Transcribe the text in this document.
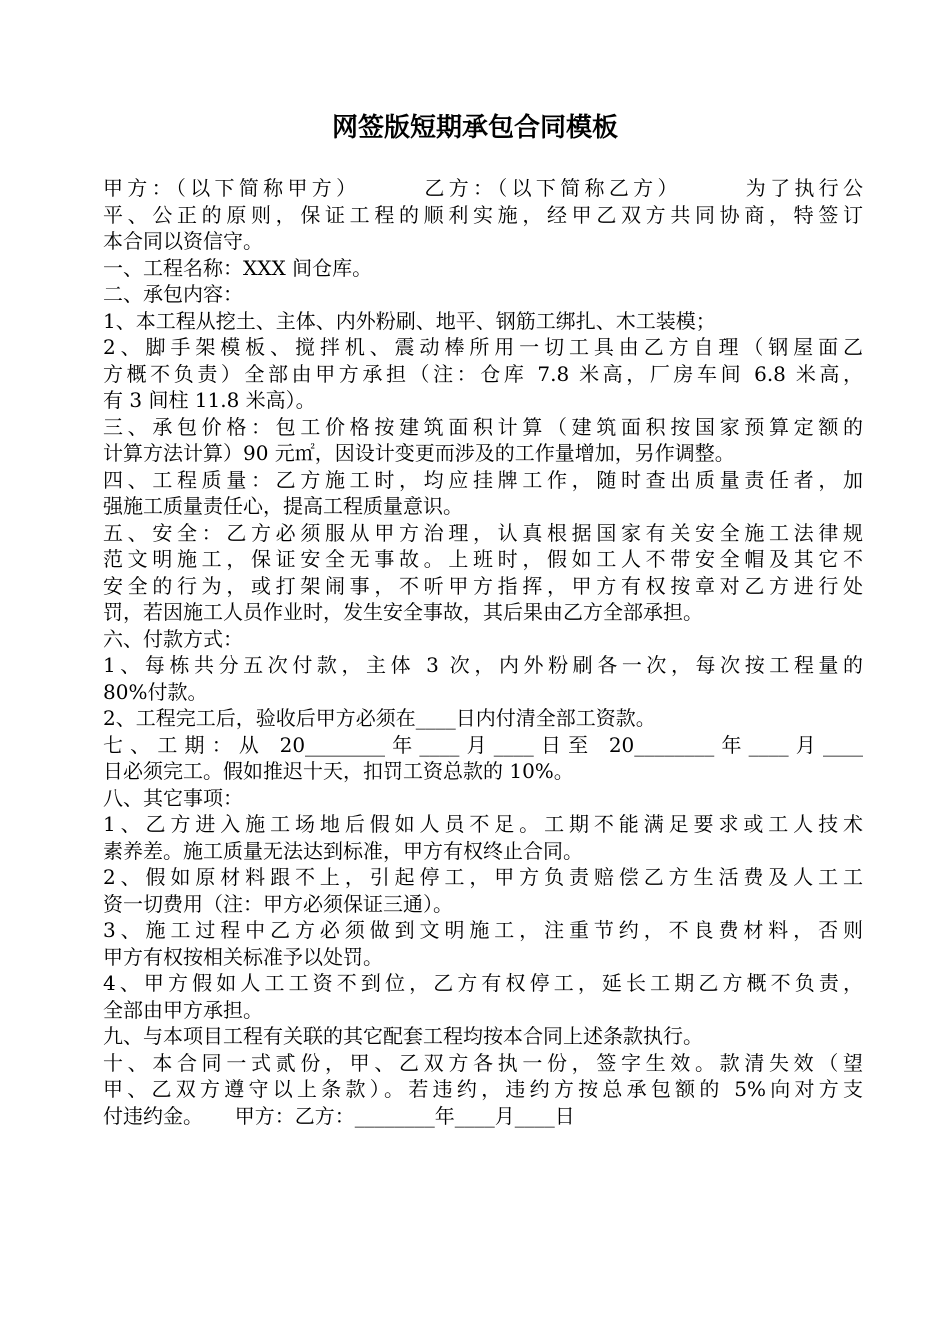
网签版短期承包合同模板
甲方：（以下简称甲方）      乙方：（以下简称乙方）      为了执行公
平、公正的原则，保证工程的顺利实施，经甲乙双方共同协商，特签订
本合同以资信守。
一、工程名称：XXX 间仓库。
二、承包内容：
1、本工程从挖土、主体、内外粉刷、地平、钢筋工绑扎、木工装模；
2、脚手架模板、搅拌机、震动棒所用一切工具由乙方自理（钢屋面乙
方概不负责）全部由甲方承担（注：仓库 7.8 米高，厂房车间 6.8 米高，
有 3 间柱 11.8 米高）。
三、承包价格：包工价格按建筑面积计算（建筑面积按国家预算定额的
计算方法计算）90 元㎡，因设计变更而涉及的工作量增加，另作调整。
四、工程质量：乙方施工时，均应挂牌工作，随时查出质量责任者，加
强施工质量责任心，提高工程质量意识。
五、安全：乙方必须服从甲方治理，认真根据国家有关安全施工法律规
范文明施工，保证安全无事故。上班时，假如工人不带安全帽及其它不
安全的行为，或打架闹事，不听甲方指挥，甲方有权按章对乙方进行处
罚，若因施工人员作业时，发生安全事故，其后果由乙方全部承担。
六、付款方式：
1、每栋共分五次付款，主体 3 次，内外粉刷各一次，每次按工程量的
80%付款。
2、工程完工后，验收后甲方必须在____日内付清全部工资款。
七、工期：从 20________年____月____日至 20________年____月____
日必须完工。假如推迟十天，扣罚工资总款的 10%。
八、其它事项：
1、乙方进入施工场地后假如人员不足。工期不能满足要求或工人技术
素养差。施工质量无法达到标准，甲方有权终止合同。
2、假如原材料跟不上，引起停工，甲方负责赔偿乙方生活费及人工工
资一切费用（注：甲方必须保证三通）。
3、施工过程中乙方必须做到文明施工，注重节约，不良费材料，否则
甲方有权按相关标准予以处罚。
4、甲方假如人工工资不到位，乙方有权停工，延长工期乙方概不负责，
全部由甲方承担。
九、与本项目工程有关联的其它配套工程均按本合同上述条款执行。
十、本合同一式贰份，甲、乙双方各执一份，签字生效。款清失效（望
甲、乙双方遵守以上条款）。若违约，违约方按总承包额的 5%向对方支
付违约金。     甲方：乙方：________年____月____日
